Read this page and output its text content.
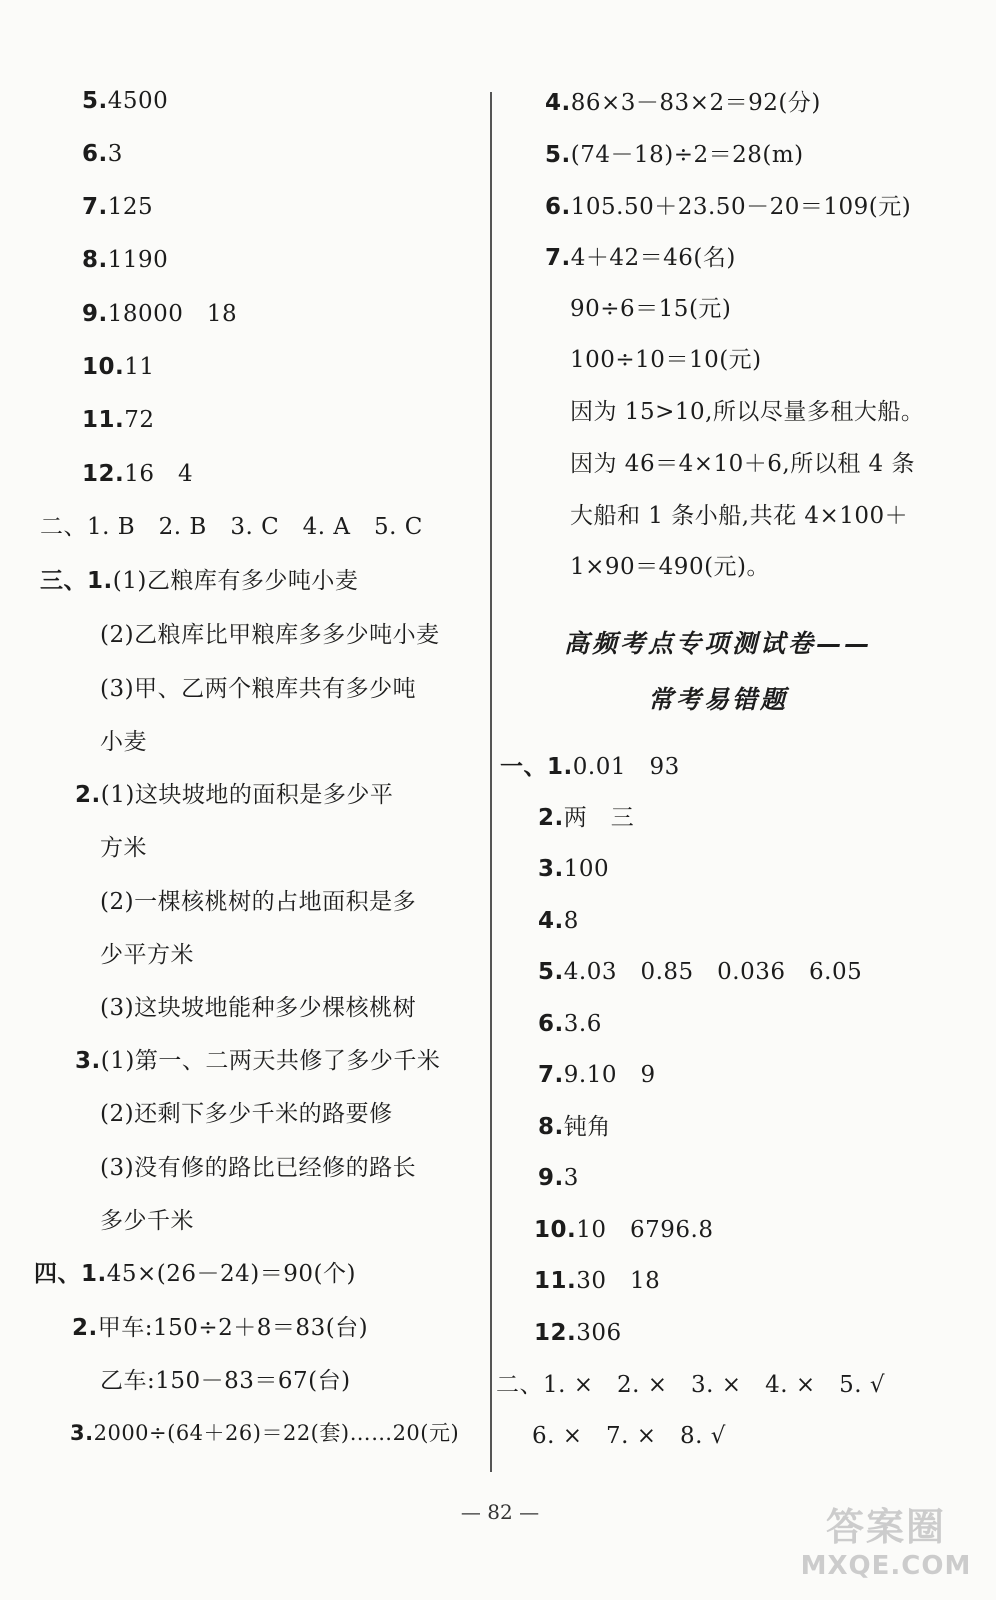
5.4500
6.3
7.125
8.1190
9.18000　18
10.11
11.72
12.16　4
二、1. B　2. B　3. C　4. A　5. C
三、1.(1)乙粮库有多少吨小麦
(2)乙粮库比甲粮库多多少吨小麦
(3)甲、乙两个粮库共有多少吨
小麦
2.(1)这块坡地的面积是多少平
方米
(2)一棵核桃树的占地面积是多
少平方米
(3)这块坡地能种多少棵核桃树
3.(1)第一、二两天共修了多少千米
(2)还剩下多少千米的路要修
(3)没有修的路比已经修的路长
多少千米
四、1.45×(26－24)＝90(个)
2.甲车:150÷2＋8＝83(台)
乙车:150－83＝67(台)
3.2000÷(64＋26)＝22(套)……20(元)
4.86×3－83×2＝92(分)
5.(74－18)÷2＝28(m)
6.105.50＋23.50－20＝109(元)
7.4＋42＝46(名)
90÷6＝15(元)
100÷10＝10(元)
因为 15>10,所以尽量多租大船。
因为 46＝4×10＋6,所以租 4 条
大船和 1 条小船,共花 4×100＋
1×90＝490(元)。
高频考点专项测试卷——
常考易错题
一、1.0.01　93
2.两　三
3.100
4.8
5.4.03　0.85　0.036　6.05
6.3.6
7.9.10　9
8.钝角
9.3
10.10　6796.8
11.30　18
12.306
二、1. ×　2. ×　3. ×　4. ×　5. √
6. ×　7. ×　8. √
— 82 —	答案圈
MXQE.COM
